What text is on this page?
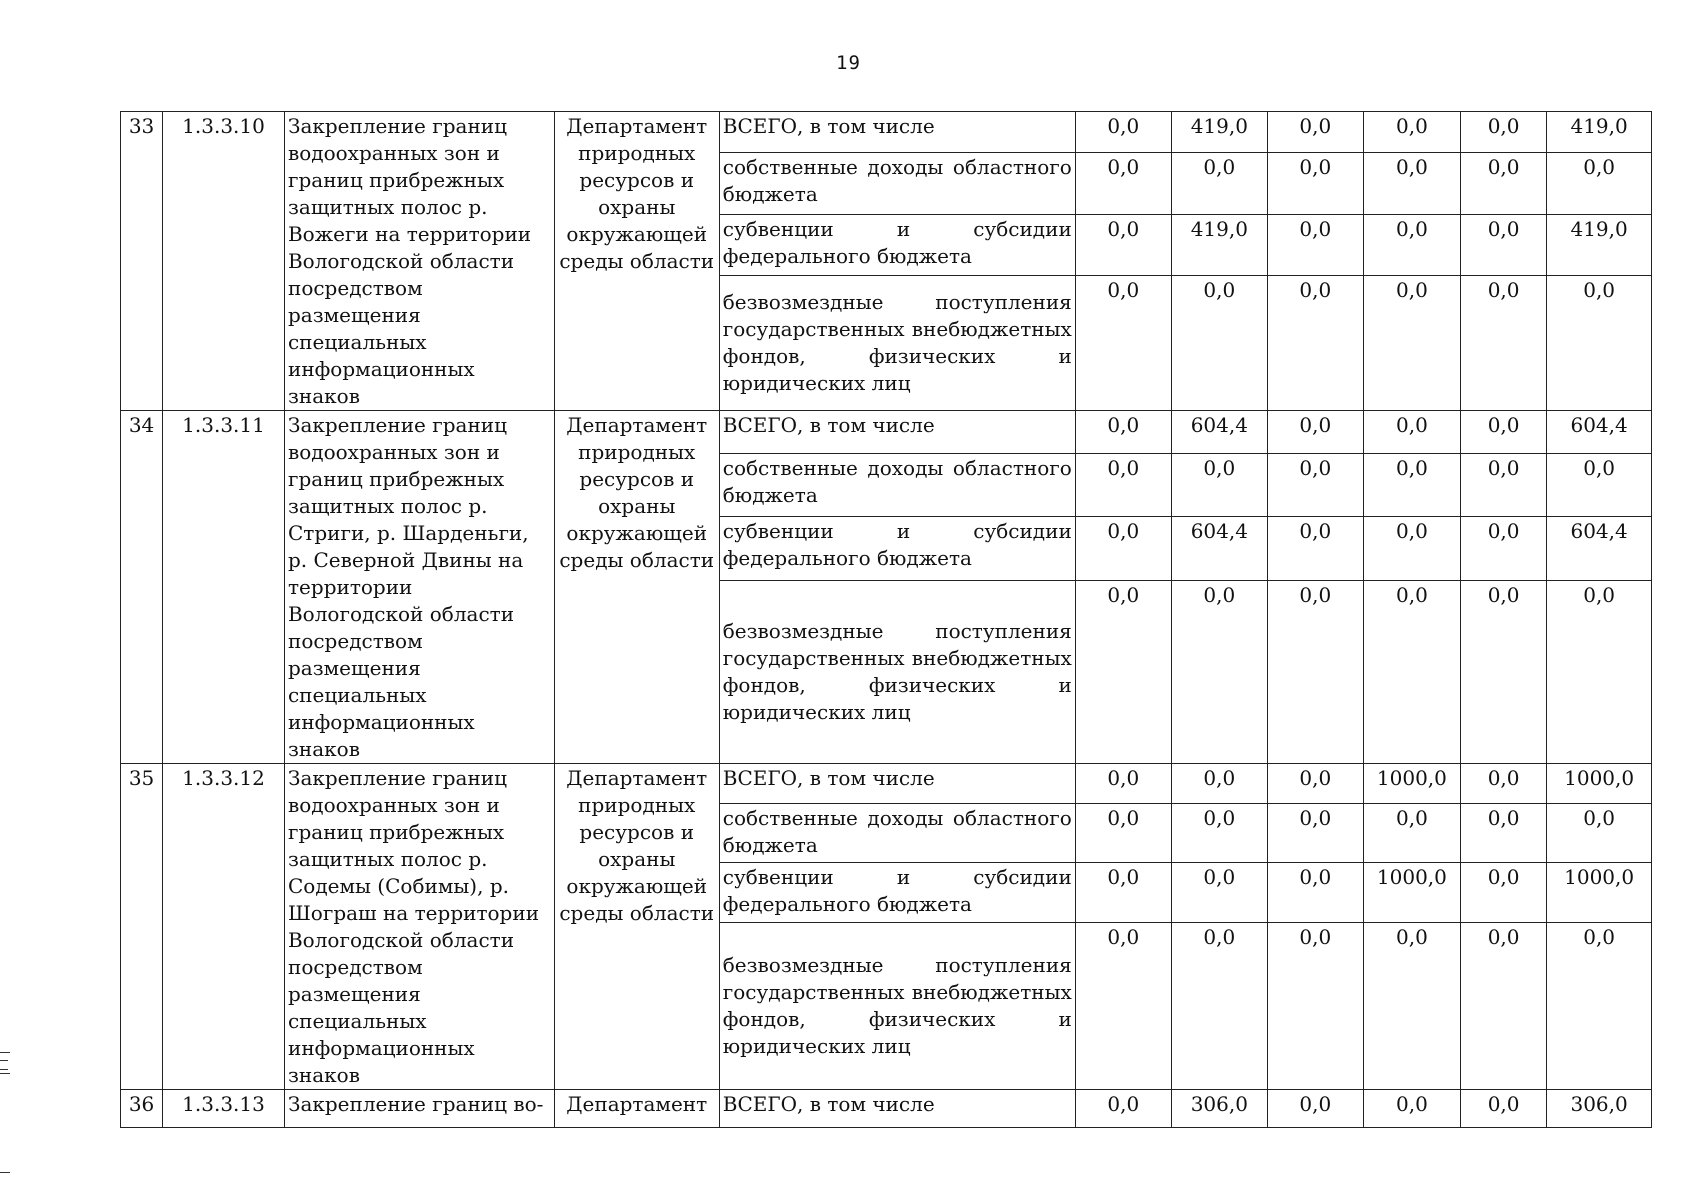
19
33	1.3.3.10	Закрепление границ водоохранных зон и границ прибрежных защитных полос р. Вожеги на территории Вологодской области посредством размещения специальных информационных знаков	Департамент природных ресурсов и охраны окружающей среды области	ВСЕГО, в том числе	0,0	419,0	0,0	0,0	0,0	419,0
				собственные доходы областного бюджета	0,0	0,0	0,0	0,0	0,0	0,0
				субвенции и субсидии федерального бюджета	0,0	419,0	0,0	0,0	0,0	419,0
				безвозмездные поступления государственных внебюджетных фондов, физических и юридических лиц	0,0	0,0	0,0	0,0	0,0	0,0
34	1.3.3.11	Закрепление границ водоохранных зон и границ прибрежных защитных полос р. Стриги, р. Шарденьги, р. Северной Двины на территории Вологодской области посредством размещения специальных информационных знаков	Департамент природных ресурсов и охраны окружающей среды области	ВСЕГО, в том числе	0,0	604,4	0,0	0,0	0,0	604,4
				собственные доходы областного бюджета	0,0	0,0	0,0	0,0	0,0	0,0
				субвенции и субсидии федерального бюджета	0,0	604,4	0,0	0,0	0,0	604,4
				безвозмездные поступления государственных внебюджетных фондов, физических и юридических лиц	0,0	0,0	0,0	0,0	0,0	0,0
35	1.3.3.12	Закрепление границ водоохранных зон и границ прибрежных защитных полос р. Содемы (Собимы), р. Шограш на территории Вологодской области посредством размещения специальных информационных знаков	Департамент природных ресурсов и охраны окружающей среды области	ВСЕГО, в том числе	0,0	0,0	0,0	1000,0	0,0	1000,0
				собственные доходы областного бюджета	0,0	0,0	0,0	0,0	0,0	0,0
				субвенции и субсидии федерального бюджета	0,0	0,0	0,0	1000,0	0,0	1000,0
				безвозмездные поступления государственных внебюджетных фондов, физических и юридических лиц	0,0	0,0	0,0	0,0	0,0	0,0
36	1.3.3.13	Закрепление границ во-	Департамент	ВСЕГО, в том числе	0,0	306,0	0,0	0,0	0,0	306,0
